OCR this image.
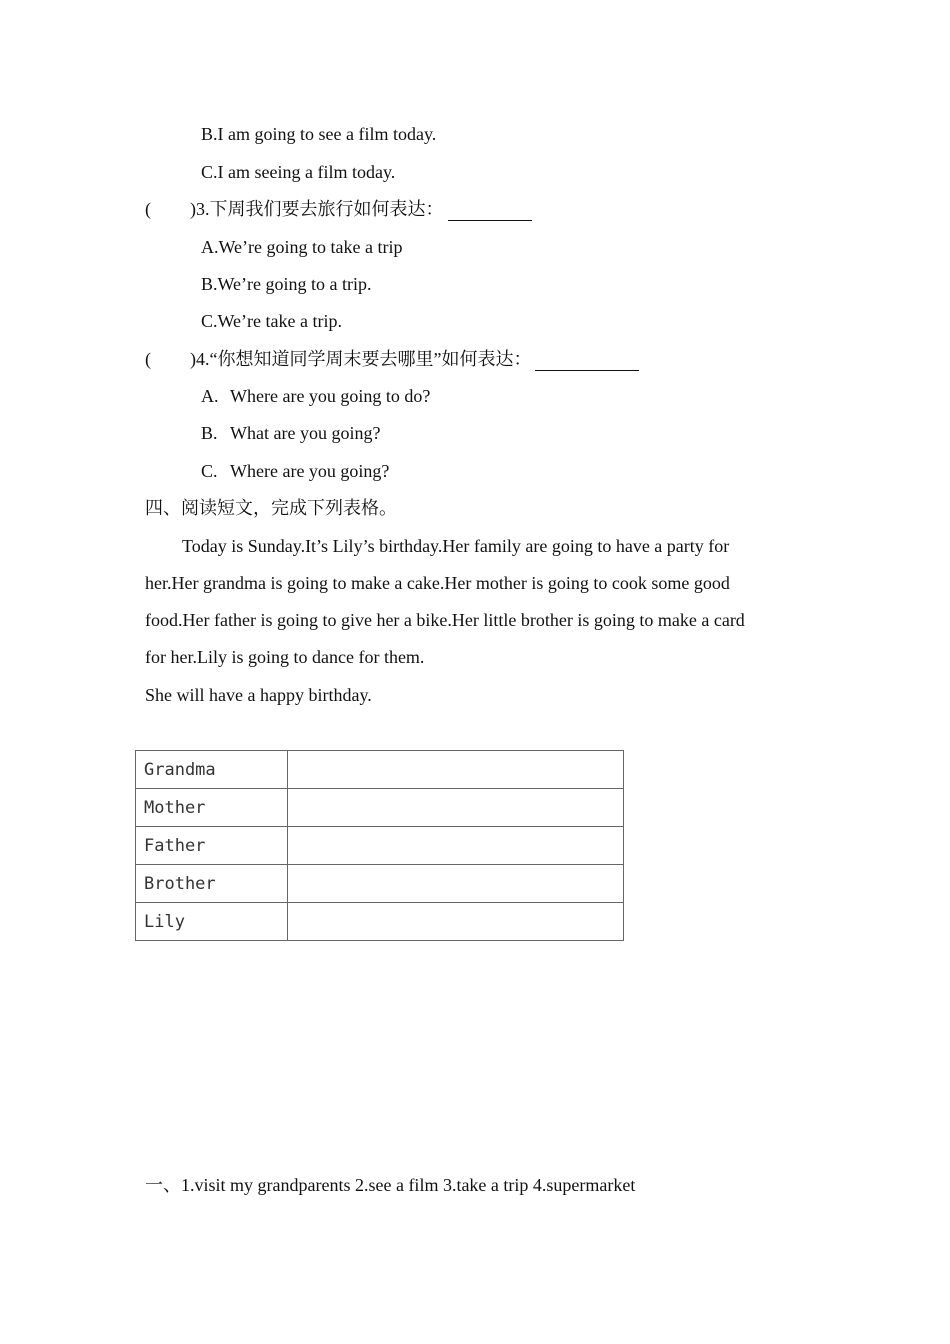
B.I am going to see a film today.
C.I am seeing a film today.
( )3.下周我们要去旅行如何表达：
A.We’re going to take a trip
B.We’re going to a trip.
C.We’re take a trip.
( )4.“你想知道同学周末要去哪里”如何表达：
A. Where are you going to do?
B. What are you going?
C. Where are you going?
四、阅读短文，完成下列表格。
Today is Sunday.It’s Lily’s birthday.Her family are going to have a party for
her.Her grandma is going to make a cake.Her mother is going to cook some good
food.Her father is going to give her a bike.Her little brother is going to make a card
for her.Lily is going to dance for them.
She will have a happy birthday.
Grandma	
Mother	
Father	
Brother	
Lily	
一、1.visit my grandparents 2.see a film 3.take a trip 4.supermarket
